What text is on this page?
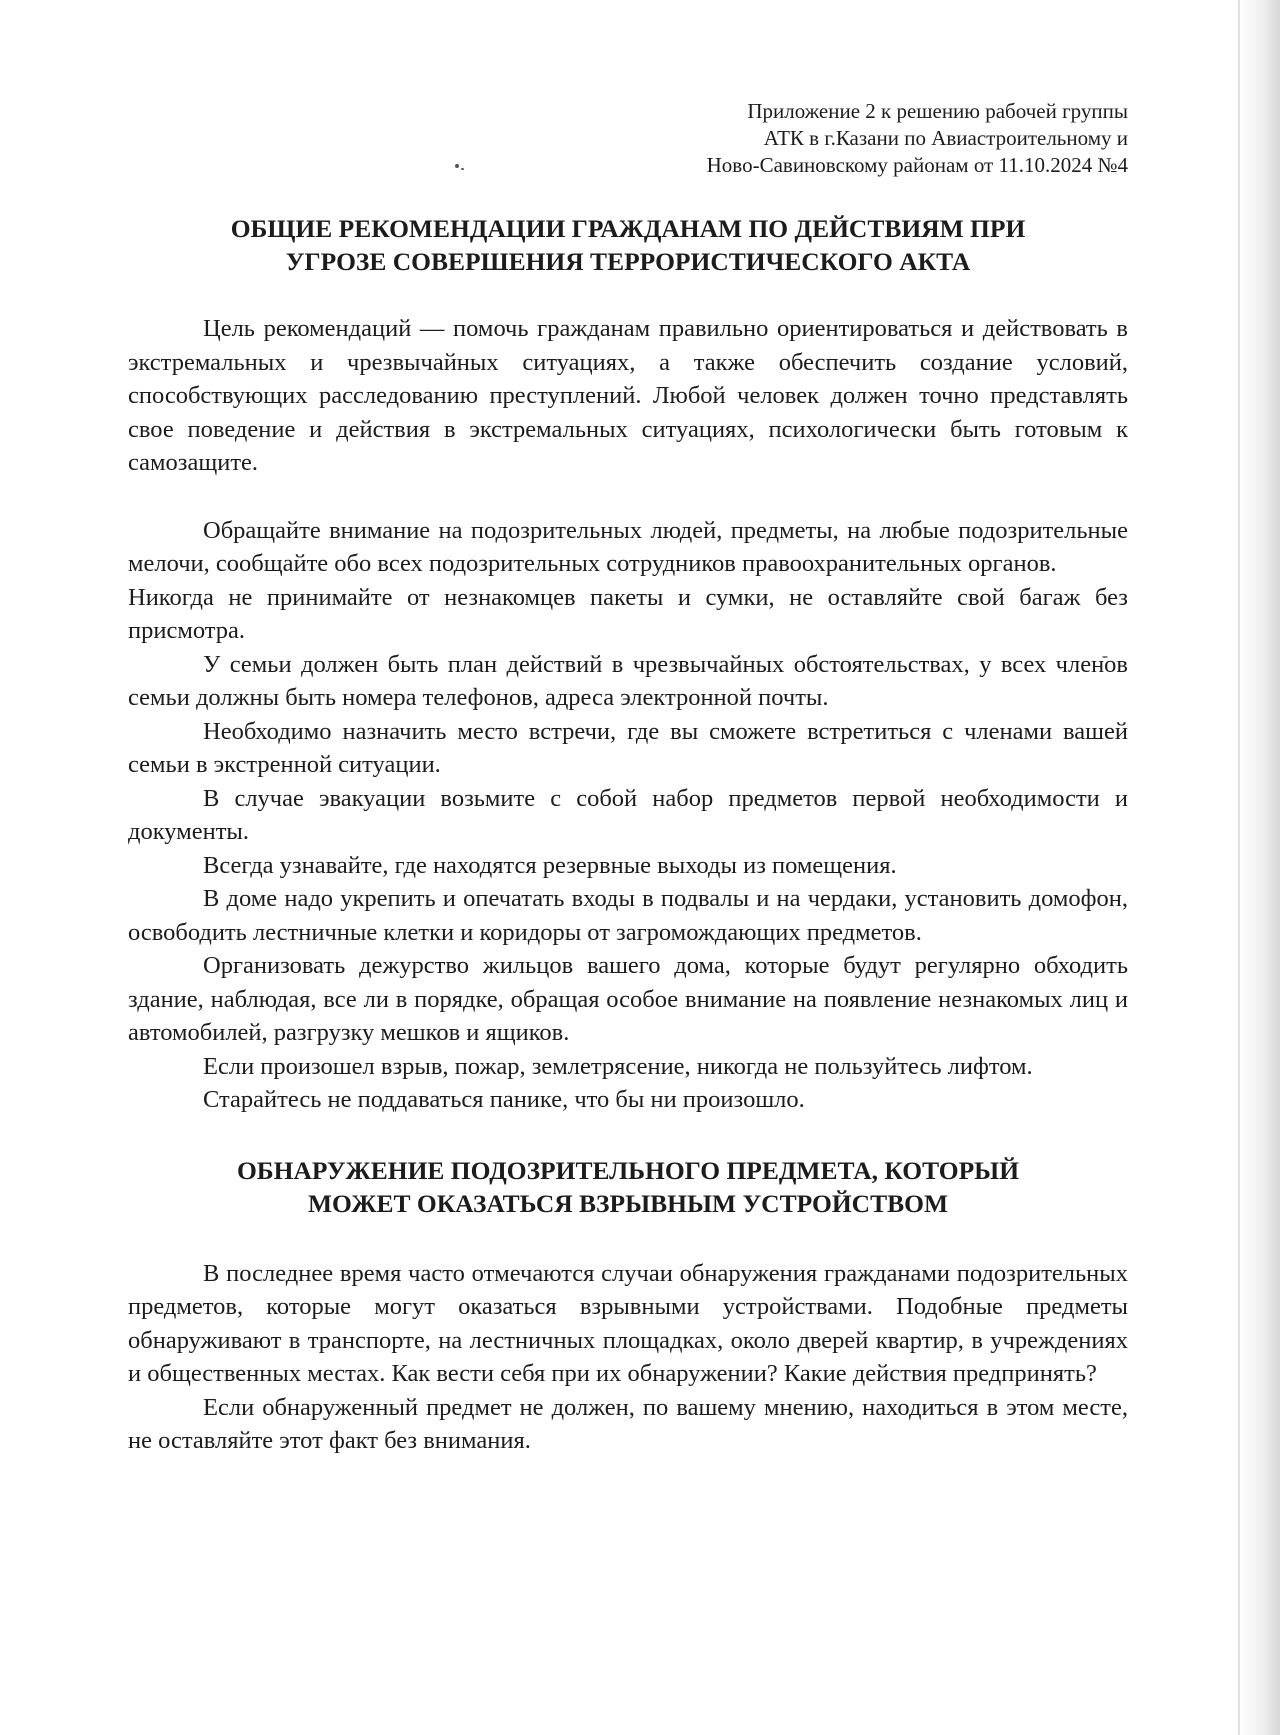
Приложение 2 к решению рабочей группы
АТК в г.Казани по Авиастроительному и
Ново-Савиновскому районам от 11.10.2024 №4
ОБЩИЕ РЕКОМЕНДАЦИИ ГРАЖДАНАМ ПО ДЕЙСТВИЯМ ПРИ
УГРОЗЕ СОВЕРШЕНИЯ ТЕРРОРИСТИЧЕСКОГО АКТА

Цель рекомендаций — помочь гражданам правильно ориентироваться и действовать в экстремальных и чрезвычайных ситуациях, а также обеспечить создание условий, способствующих расследованию преступлений. Любой человек должен точно представлять свое поведение и действия в экстремальных ситуациях, психологически быть готовым к самозащите.

Обращайте внимание на подозрительных людей, предметы, на любые подозрительные мелочи, сообщайте обо всех подозрительных сотрудников правоохранительных органов.

Никогда не принимайте от незнакомцев пакеты и сумки, не оставляйте свой багаж без присмотра.

У семьи должен быть план действий в чрезвычайных обстоятельствах, у всех членов семьи должны быть номера телефонов, адреса электронной почты.

Необходимо назначить место встречи, где вы сможете встретиться с членами вашей семьи в экстренной ситуации.

В случае эвакуации возьмите с собой набор предметов первой необходимости и документы.

Всегда узнавайте, где находятся резервные выходы из помещения.

В доме надо укрепить и опечатать входы в подвалы и на чердаки, установить домофон, освободить лестничные клетки и коридоры от загромождающих предметов.

Организовать дежурство жильцов вашего дома, которые будут регулярно обходить здание, наблюдая, все ли в порядке, обращая особое внимание на появление незнакомых лиц и автомобилей, разгрузку мешков и ящиков.

Если произошел взрыв, пожар, землетрясение, никогда не пользуйтесь лифтом.

Старайтесь не поддаваться панике, что бы ни произошло.

ОБНАРУЖЕНИЕ ПОДОЗРИТЕЛЬНОГО ПРЕДМЕТА, КОТОРЫЙ
МОЖЕТ ОКАЗАТЬСЯ ВЗРЫВНЫМ УСТРОЙСТВОМ

В последнее время часто отмечаются случаи обнаружения гражданами подозрительных предметов, которые могут оказаться взрывными устройствами. Подобные предметы обнаруживают в транспорте, на лестничных площадках, около дверей квартир, в учреждениях и общественных местах. Как вести себя при их обнаружении? Какие действия предпринять?

Если обнаруженный предмет не должен, по вашему мнению, находиться в этом месте, не оставляйте этот факт без внимания.
